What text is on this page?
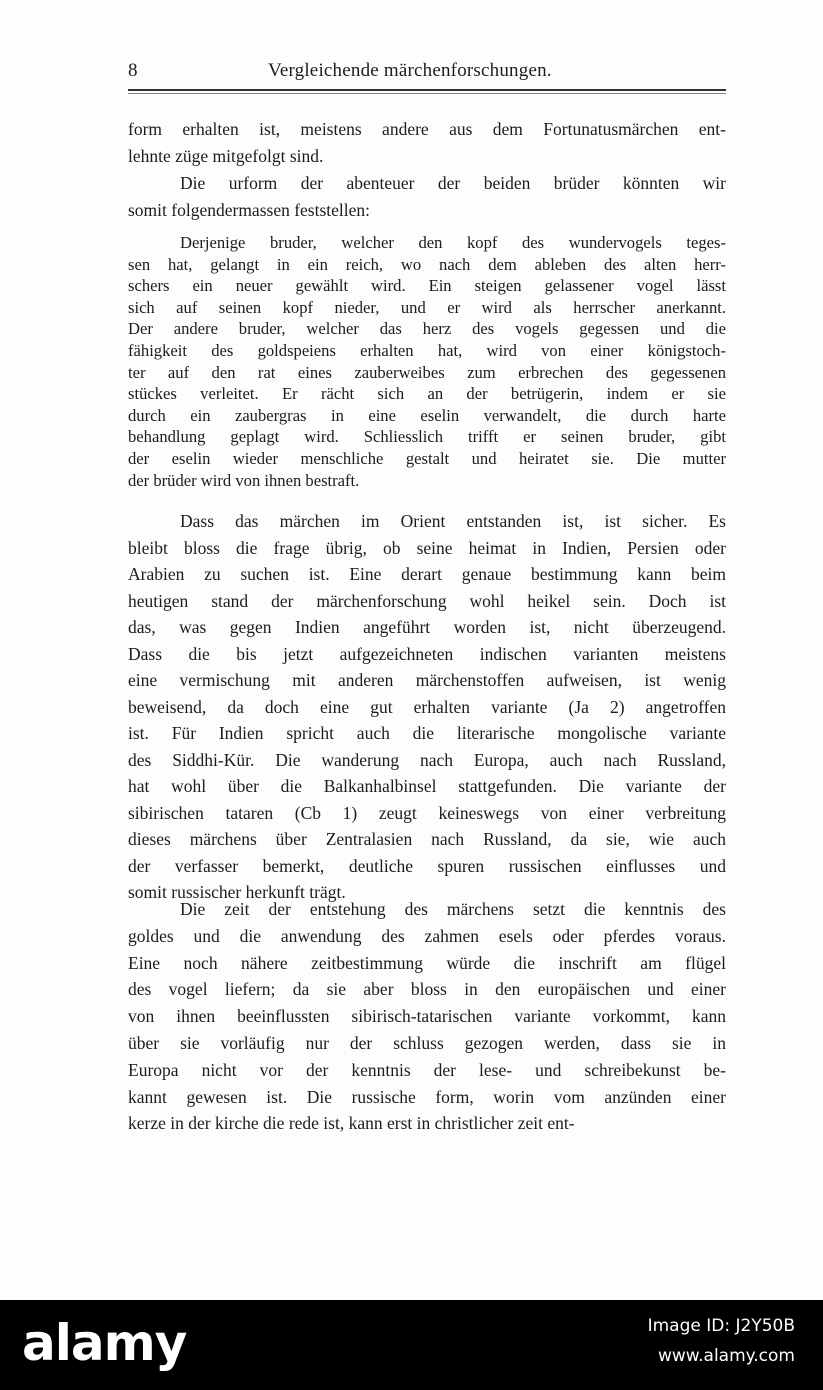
8	Vergleichende märchenforschungen.
form erhalten ist, meistens andere aus dem Fortunatusmärchen ent-
lehnte züge mitgefolgt sind.
Die urform der abenteuer der beiden brüder könnten wir
somit folgendermassen feststellen:
Derjenige bruder, welcher den kopf des wundervogels teges-
sen hat, gelangt in ein reich, wo nach dem ableben des alten herr-
schers ein neuer gewählt wird. Ein steigen gelassener vogel lässt
sich auf seinen kopf nieder, und er wird als herrscher anerkannt.
Der andere bruder, welcher das herz des vogels gegessen und die
fähigkeit des goldspeiens erhalten hat, wird von einer königstoch-
ter auf den rat eines zauberweibes zum erbrechen des gegessenen
stückes verleitet. Er rächt sich an der betrügerin, indem er sie
durch ein zaubergras in eine eselin verwandelt, die durch harte
behandlung geplagt wird. Schliesslich trifft er seinen bruder, gibt
der eselin wieder menschliche gestalt und heiratet sie. Die mutter
der brüder wird von ihnen bestraft.
Dass das märchen im Orient entstanden ist, ist sicher. Es
bleibt bloss die frage übrig, ob seine heimat in Indien, Persien oder
Arabien zu suchen ist. Eine derart genaue bestimmung kann beim
heutigen stand der märchenforschung wohl heikel sein. Doch ist
das, was gegen Indien angeführt worden ist, nicht überzeugend.
Dass die bis jetzt aufgezeichneten indischen varianten meistens
eine vermischung mit anderen märchenstoffen aufweisen, ist wenig
beweisend, da doch eine gut erhalten variante (Ja 2) angetroffen
ist. Für Indien spricht auch die literarische mongolische variante
des Siddhi-Kür. Die wanderung nach Europa, auch nach Russland,
hat wohl über die Balkanhalbinsel stattgefunden. Die variante der
sibirischen tataren (Cb 1) zeugt keineswegs von einer verbreitung
dieses märchens über Zentralasien nach Russland, da sie, wie auch
der verfasser bemerkt, deutliche spuren russischen einflusses und
somit russischer herkunft trägt.
Die zeit der entstehung des märchens setzt die kenntnis des
goldes und die anwendung des zahmen esels oder pferdes voraus.
Eine noch nähere zeitbestimmung würde die inschrift am flügel
des vogel liefern; da sie aber bloss in den europäischen und einer
von ihnen beeinflussten sibirisch-tatarischen variante vorkommt, kann
über sie vorläufig nur der schluss gezogen werden, dass sie in
Europa nicht vor der kenntnis der lese- und schreibekunst be-
kannt gewesen ist. Die russische form, worin vom anzünden einer
kerze in der kirche die rede ist, kann erst in christlicher zeit ent-
alamy	Image ID: J2Y50B
www.alamy.com
